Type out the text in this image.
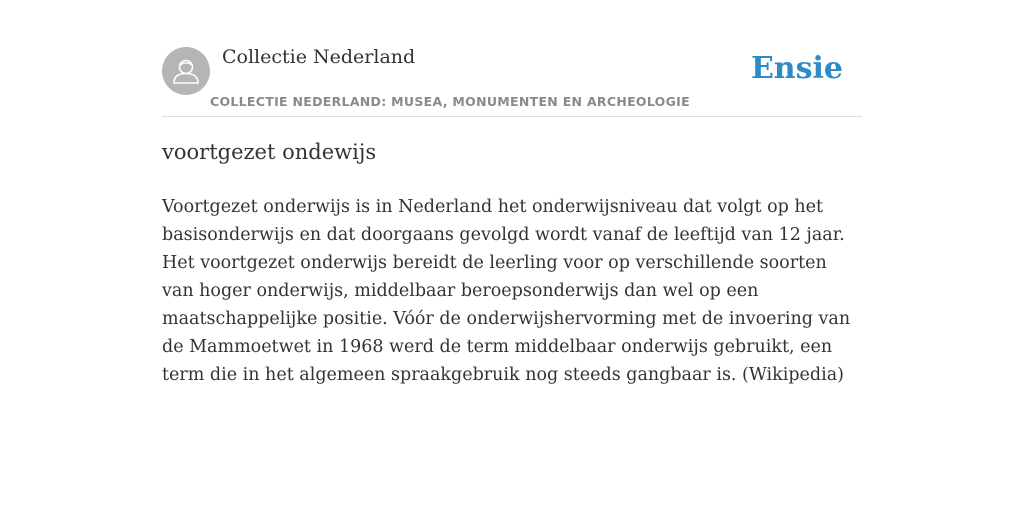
Collectie Nederland
COLLECTIE NEDERLAND: MUSEA, MONUMENTEN EN ARCHEOLOGIE
Ensie
voortgezet ondewijs

Voortgezet onderwijs is in Nederland het onderwijsniveau dat volgt op het basisonderwijs en dat doorgaans gevolgd wordt vanaf de leeftijd van 12 jaar. Het voortgezet onderwijs bereidt de leerling voor op verschillende soorten van hoger onderwijs, middelbaar beroepsonderwijs dan wel op een maatschappelijke positie. Vóór de onderwijshervorming met de invoering van de Mammoetwet in 1968 werd de term middelbaar onderwijs gebruikt, een term die in het algemeen spraakgebruik nog steeds gangbaar is. (Wikipedia)
